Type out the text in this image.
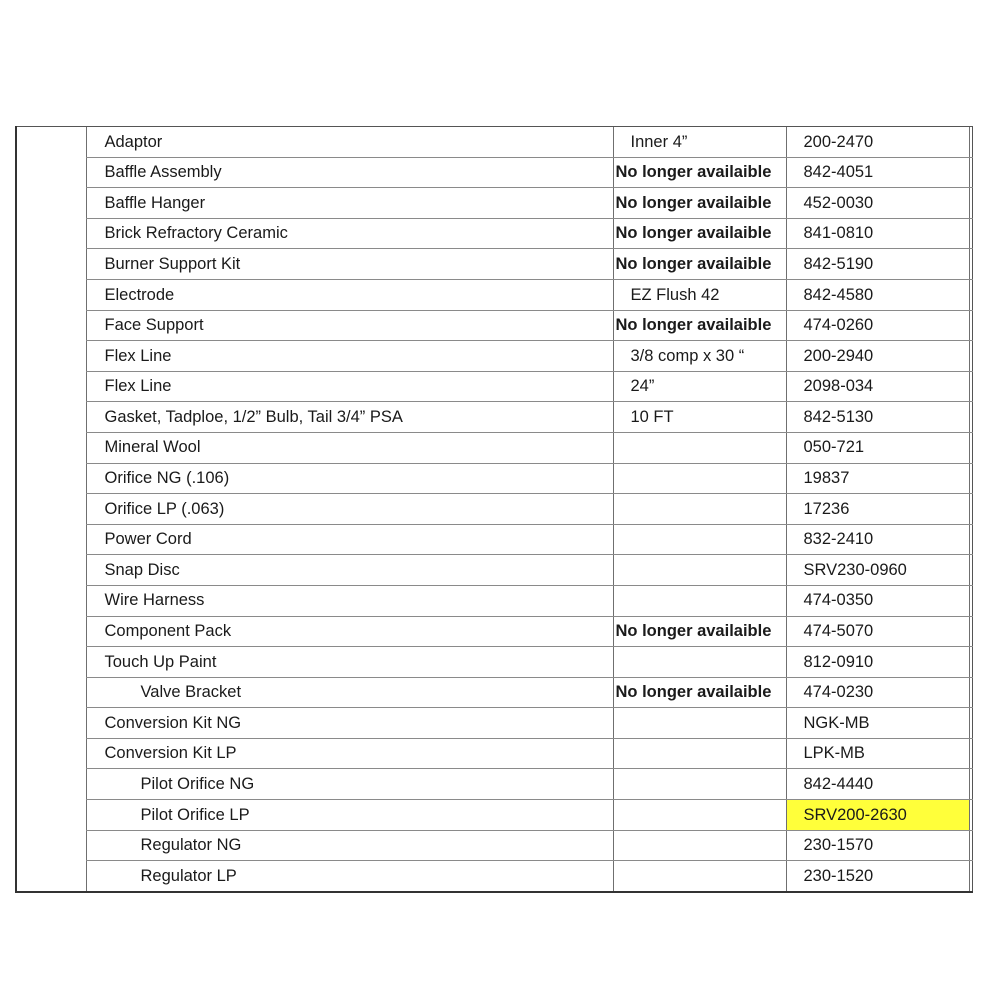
	Adaptor	Inner 4”	200-2470	
	Baffle Assembly	No longer availaible	842-4051	
	Baffle Hanger	No longer availaible	452-0030	
	Brick Refractory Ceramic	No longer availaible	841-0810	
	Burner Support Kit	No longer availaible	842-5190	
	Electrode	EZ Flush 42	842-4580	
	Face Support	No longer availaible	474-0260	
	Flex Line	3/8 comp x 30 “	200-2940	
	Flex Line	24”	2098-034	
	Gasket, Tadploe, 1/2” Bulb, Tail 3/4” PSA	10 FT	842-5130	
	Mineral Wool		050-721	
	Orifice NG (.106)		19837	
	Orifice LP (.063)		17236	
	Power Cord		832-2410	
	Snap Disc		SRV230-0960	
	Wire Harness		474-0350	
	Component Pack	No longer availaible	474-5070	
	Touch Up Paint		812-0910	
	Valve Bracket	No longer availaible	474-0230	
	Conversion Kit NG		NGK-MB	
	Conversion Kit LP		LPK-MB	
	Pilot Orifice NG		842-4440	
	Pilot Orifice LP		SRV200-2630	
	Regulator NG		230-1570	
	Regulator LP		230-1520	
